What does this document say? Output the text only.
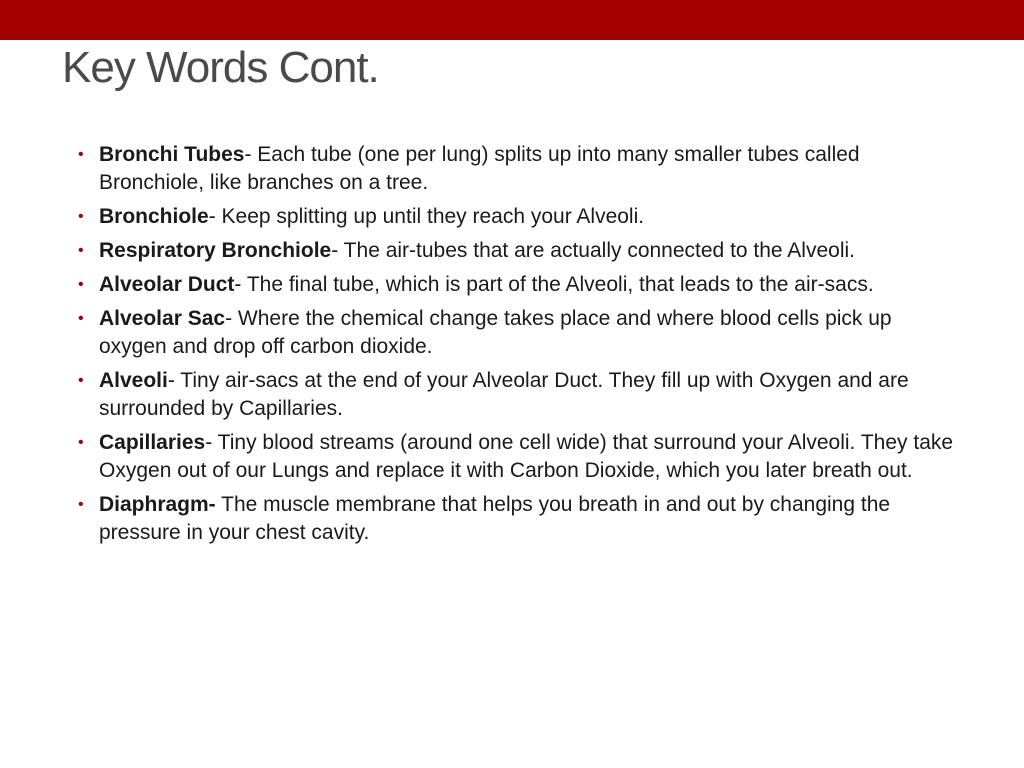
Key Words Cont.
• Bronchi Tubes- Each tube (one per lung) splits up into many smaller tubes called Bronchiole, like branches on a tree.
• Bronchiole- Keep splitting up until they reach your Alveoli.
• Respiratory Bronchiole- The air-tubes that are actually connected to the Alveoli.
• Alveolar Duct- The final tube, which is part of the Alveoli, that leads to the air-sacs.
• Alveolar Sac- Where the chemical change takes place and where blood cells pick up oxygen and drop off carbon dioxide.
• Alveoli- Tiny air-sacs at the end of your Alveolar Duct. They fill up with Oxygen and are surrounded by Capillaries.
• Capillaries- Tiny blood streams (around one cell wide) that surround your Alveoli. They take Oxygen out of our Lungs and replace it with Carbon Dioxide, which you later breath out.
• Diaphragm- The muscle membrane that helps you breath in and out by changing the pressure in your chest cavity.
